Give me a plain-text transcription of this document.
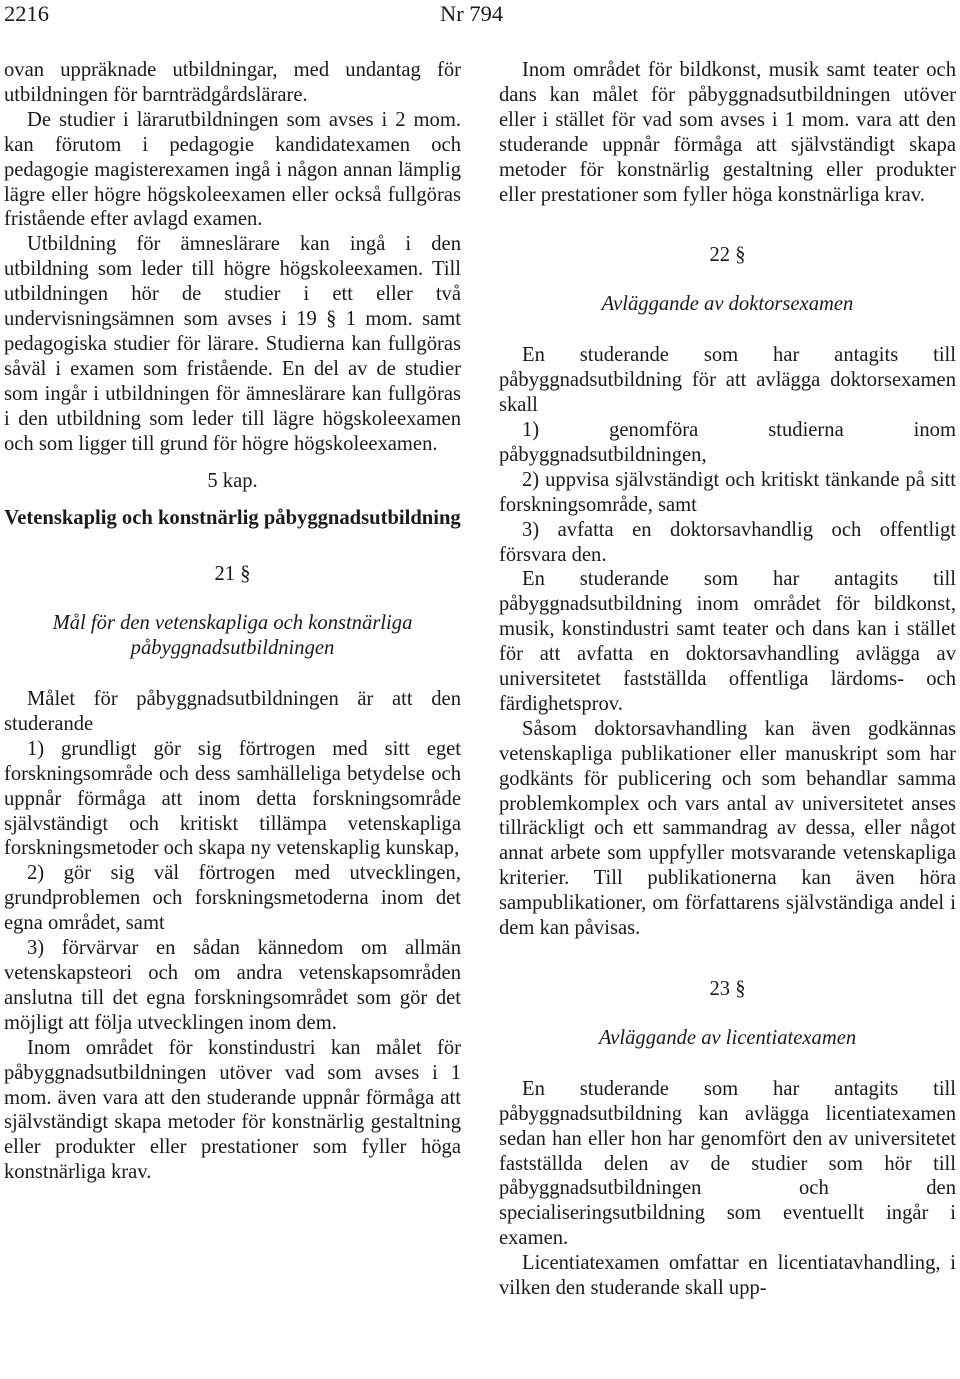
2216	Nr 794

ovan uppräknade utbildningar, med undantag för utbildningen för barnträdgårdslärare.

De studier i lärarutbildningen som avses i 2 mom. kan förutom i pedagogie kandidatexamen och pedagogie magisterexamen ingå i någon annan lämplig lägre eller högre högskoleexamen eller också fullgöras fristående efter avlagd examen.

Utbildning för ämneslärare kan ingå i den utbildning som leder till högre högskoleexamen. Till utbildningen hör de studier i ett eller två undervisningsämnen som avses i 19 § 1 mom. samt pedagogiska studier för lärare. Studierna kan fullgöras såväl i examen som fristående. En del av de studier som ingår i utbildningen för ämneslärare kan fullgöras i den utbildning som leder till lägre högskoleexamen och som ligger till grund för högre högskoleexamen.

5 kap.

Vetenskaplig och konstnärlig påbyggnadsutbildning

21 §

Mål för den vetenskapliga och konstnärliga påbyggnadsutbildningen

Målet för påbyggnadsutbildningen är att den studerande

1) grundligt gör sig förtrogen med sitt eget forskningsområde och dess samhälleliga betydelse och uppnår förmåga att inom detta forskningsområde självständigt och kritiskt tillämpa vetenskapliga forskningsmetoder och skapa ny vetenskaplig kunskap,

2) gör sig väl förtrogen med utvecklingen, grundproblemen och forskningsmetoderna inom det egna området, samt

3) förvärvar en sådan kännedom om allmän vetenskapsteori och om andra vetenskapsområden anslutna till det egna forskningsområdet som gör det möjligt att följa utvecklingen inom dem.

Inom området för konstindustri kan målet för påbyggnadsutbildningen utöver vad som avses i 1 mom. även vara att den studerande uppnår förmåga att självständigt skapa metoder för konstnärlig gestaltning eller produkter eller prestationer som fyller höga konstnärliga krav.

Inom området för bildkonst, musik samt teater och dans kan målet för påbyggnadsutbildningen utöver eller i stället för vad som avses i 1 mom. vara att den studerande uppnår förmåga att självständigt skapa metoder för konstnärlig gestaltning eller produkter eller prestationer som fyller höga konstnärliga krav.

22 §

Avläggande av doktorsexamen

En studerande som har antagits till påbyggnadsutbildning för att avlägga doktorsexamen skall

1) genomföra studierna inom påbyggnadsutbildningen,

2) uppvisa självständigt och kritiskt tänkande på sitt forskningsområde, samt

3) avfatta en doktorsavhandlig och offentligt försvara den.

En studerande som har antagits till påbyggnadsutbildning inom området för bildkonst, musik, konstindustri samt teater och dans kan i stället för att avfatta en doktorsavhandling avlägga av universitetet fastställda offentliga lärdoms- och färdighetsprov.

Såsom doktorsavhandling kan även godkännas vetenskapliga publikationer eller manuskript som har godkänts för publicering och som behandlar samma problemkomplex och vars antal av universitetet anses tillräckligt och ett sammandrag av dessa, eller något annat arbete som uppfyller motsvarande vetenskapliga kriterier. Till publikationerna kan även höra sampublikationer, om författarens självständiga andel i dem kan påvisas.

23 §

Avläggande av licentiatexamen

En studerande som har antagits till påbyggnadsutbildning kan avlägga licentiatexamen sedan han eller hon har genomfört den av universitetet fastställda delen av de studier som hör till påbyggnadsutbildningen och den specialiseringsutbildning som eventuellt ingår i examen.

Licentiatexamen omfattar en licentiatavhandling, i vilken den studerande skall upp-
